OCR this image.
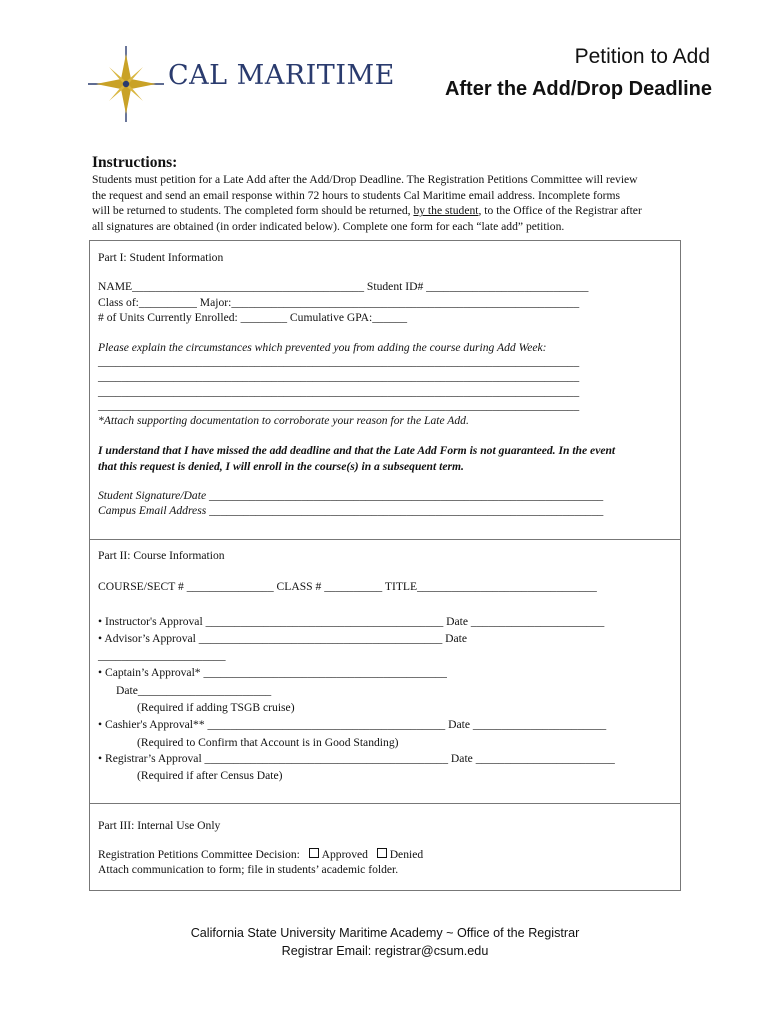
CAL MARITIME
Petition to Add
After the Add/Drop Deadline
Instructions:
Students must petition for a Late Add after the Add/Drop Deadline. The Registration Petitions Committee will review
the request and send an email response within 72 hours to students Cal Maritime email address. Incomplete forms
will be returned to students. The completed form should be returned, by the student, to the Office of the Registrar after
all signatures are obtained (in order indicated below). Complete one form for each “late add” petition.
Part I: Student Information
NAME________________________________________ Student ID# ____________________________
Class of:__________ Major:____________________________________________________________
# of Units Currently Enrolled: ________ Cumulative GPA:______
Please explain the circumstances which prevented you from adding the course during Add Week:
___________________________________________________________________________________
___________________________________________________________________________________
___________________________________________________________________________________
___________________________________________________________________________________
*Attach supporting documentation to corroborate your reason for the Late Add.
I understand that I have missed the add deadline and that the Late Add Form is not guaranteed. In the event
that this request is denied, I will enroll in the course(s) in a subsequent term.
Student Signature/Date ____________________________________________________________________
Campus Email Address ____________________________________________________________________
Part II: Course Information
COURSE/SECT # _______________ CLASS # __________ TITLE_______________________________
• Instructor's Approval _________________________________________ Date _______________________
• Advisor’s Approval __________________________________________ Date
______________________
• Captain’s Approval* __________________________________________
Date_______________________
(Required if adding TSGB cruise)
• Cashier's Approval** _________________________________________ Date _______________________
(Required to Confirm that Account is in Good Standing)
• Registrar’s Approval __________________________________________ Date ________________________
(Required if after Census Date)
Part III: Internal Use Only
Registration Petitions Committee Decision: Approved Denied
Attach communication to form; file in students’ academic folder.
California State University Maritime Academy ~ Office of the Registrar
Registrar Email: registrar@csum.edu
